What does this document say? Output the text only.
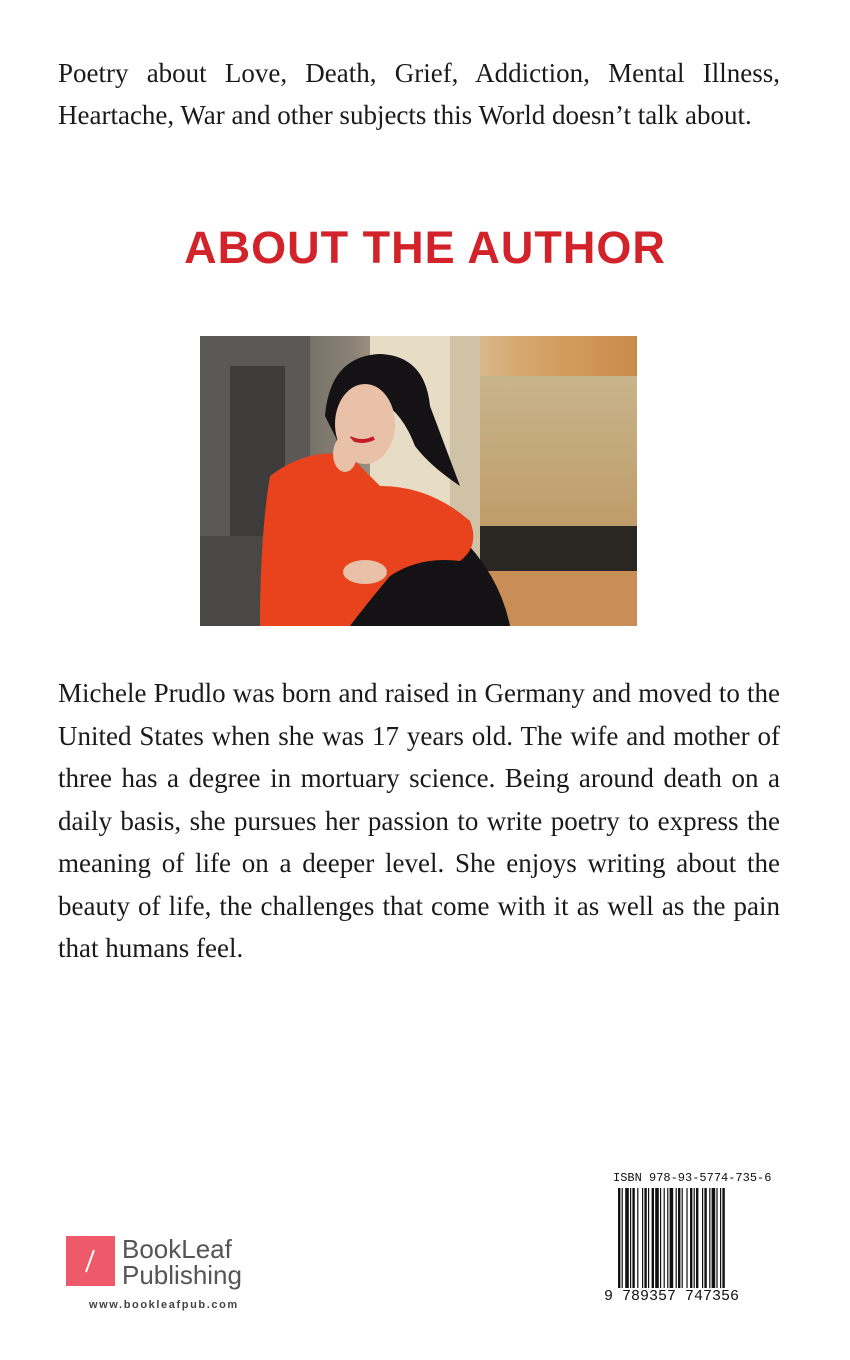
Poetry about Love, Death, Grief, Addiction, Mental Illness, Heartache, War and other subjects this World doesn’t talk about.

ABOUT THE AUTHOR

Michele Prudlo was born and raised in Germany and moved to the United States when she was 17 years old. The wife and mother of three has a degree in mortuary science. Being around death on a daily basis, she pursues her passion to write poetry to express the meaning of life on a deeper level. She enjoys writing about the beauty of life, the challenges that come with it as well as the pain that humans feel.

BookLeaf
Publishing
www.bookleafpub.com
ISBN 978-93-5774-735-6
9 789357 747356
